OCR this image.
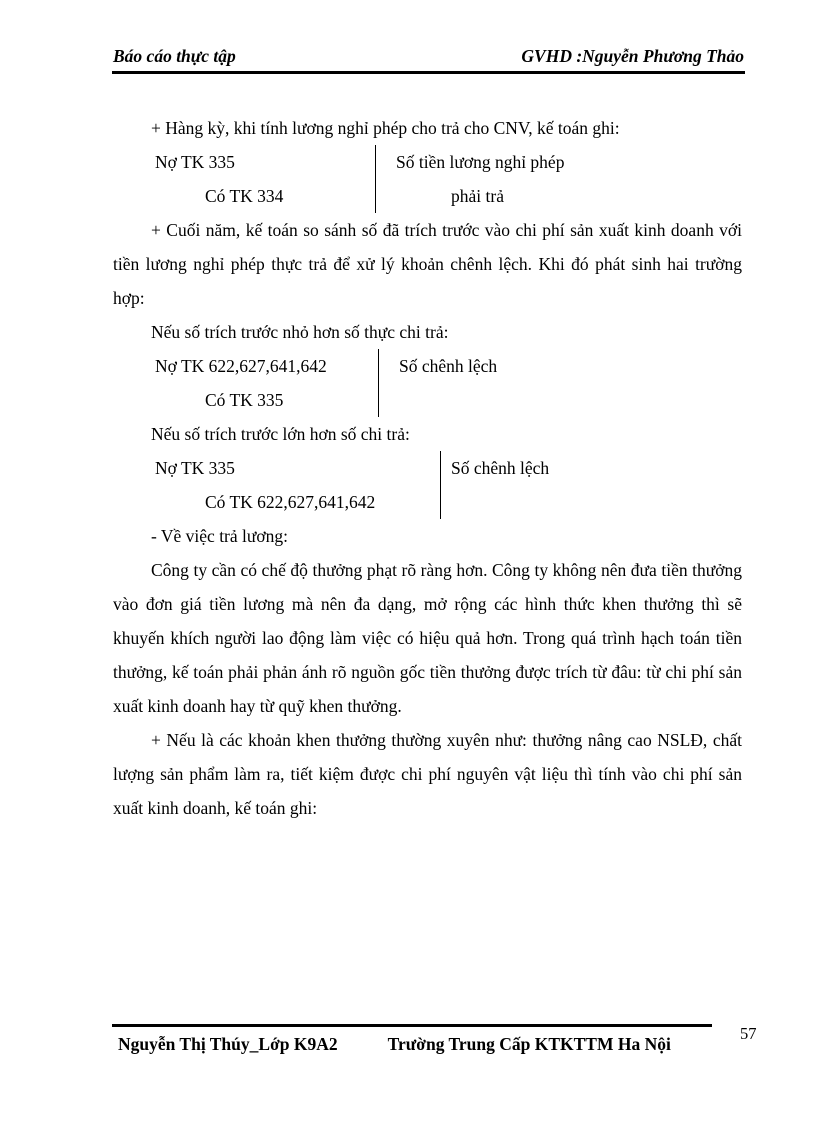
Báo cáo thực tập	GVHD :Nguyễn Phương Thảo

+ Hàng kỳ, khi tính lương nghỉ phép cho trả cho CNV, kế toán ghi:

Nợ TK 335
Có TK 334
Số tiền lương nghỉ phép
phải trả

+ Cuối năm, kế toán so sánh số đã trích trước vào chi phí sản xuất kinh doanh với tiền lương nghỉ phép thực trả để xử lý khoản chênh lệch. Khi đó phát sinh hai trường hợp:

Nếu số trích trước nhỏ hơn số thực chi trả:

Nợ TK 622,627,641,642
Có TK 335
Số chênh lệch

Nếu số trích trước lớn hơn số chi trả:

Nợ TK 335
Có TK 622,627,641,642
Số chênh lệch

- Về việc trả lương:

Công ty cần có chế độ thưởng phạt rõ ràng hơn. Công ty không nên đưa tiền thưởng vào đơn giá tiền lương mà nên đa dạng, mở rộng các hình thức khen thưởng thì sẽ khuyến khích người lao động làm việc có hiệu quả hơn. Trong quá trình hạch toán tiền thưởng, kế toán phải phản ánh rõ nguồn gốc tiền thưởng được trích từ đâu: từ chi phí sản xuất kinh doanh hay từ quỹ khen thưởng.

+ Nếu là các khoản khen thưởng thường xuyên như: thưởng nâng cao NSLĐ, chất lượng sản phẩm làm ra, tiết kiệm được chi phí nguyên vật liệu thì tính vào chi phí sản xuất kinh doanh, kế toán ghi:

Nguyễn Thị Thúy_Lớp K9A2	Trường Trung Cấp KTKTTM Ha Nội
57
